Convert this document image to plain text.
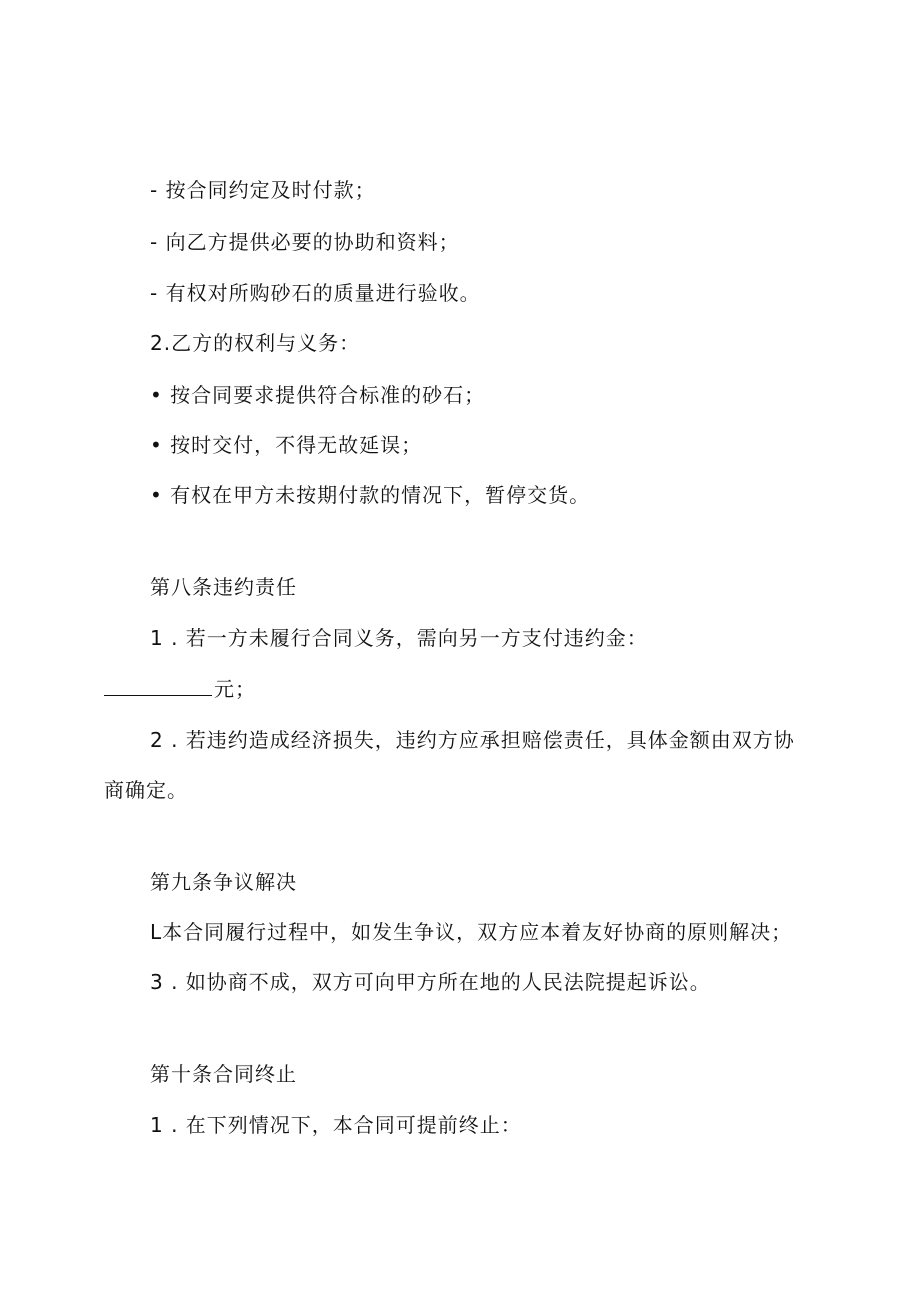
- 按合同约定及时付款；
- 向乙方提供必要的协助和资料；
- 有权对所购砂石的质量进行验收。
2.乙方的权利与义务：
• 按合同要求提供符合标准的砂石；
• 按时交付，不得无故延误；
• 有权在甲方未按期付款的情况下，暂停交货。
第八条违约责任
1 . 若一方未履行合同义务，需向另一方支付违约金：
元；
2 . 若违约造成经济损失，违约方应承担赔偿责任，具体金额由双方协
商确定。
第九条争议解决
L本合同履行过程中，如发生争议，双方应本着友好协商的原则解决；
3 . 如协商不成，双方可向甲方所在地的人民法院提起诉讼。
第十条合同终止
1 . 在下列情况下，本合同可提前终止：
